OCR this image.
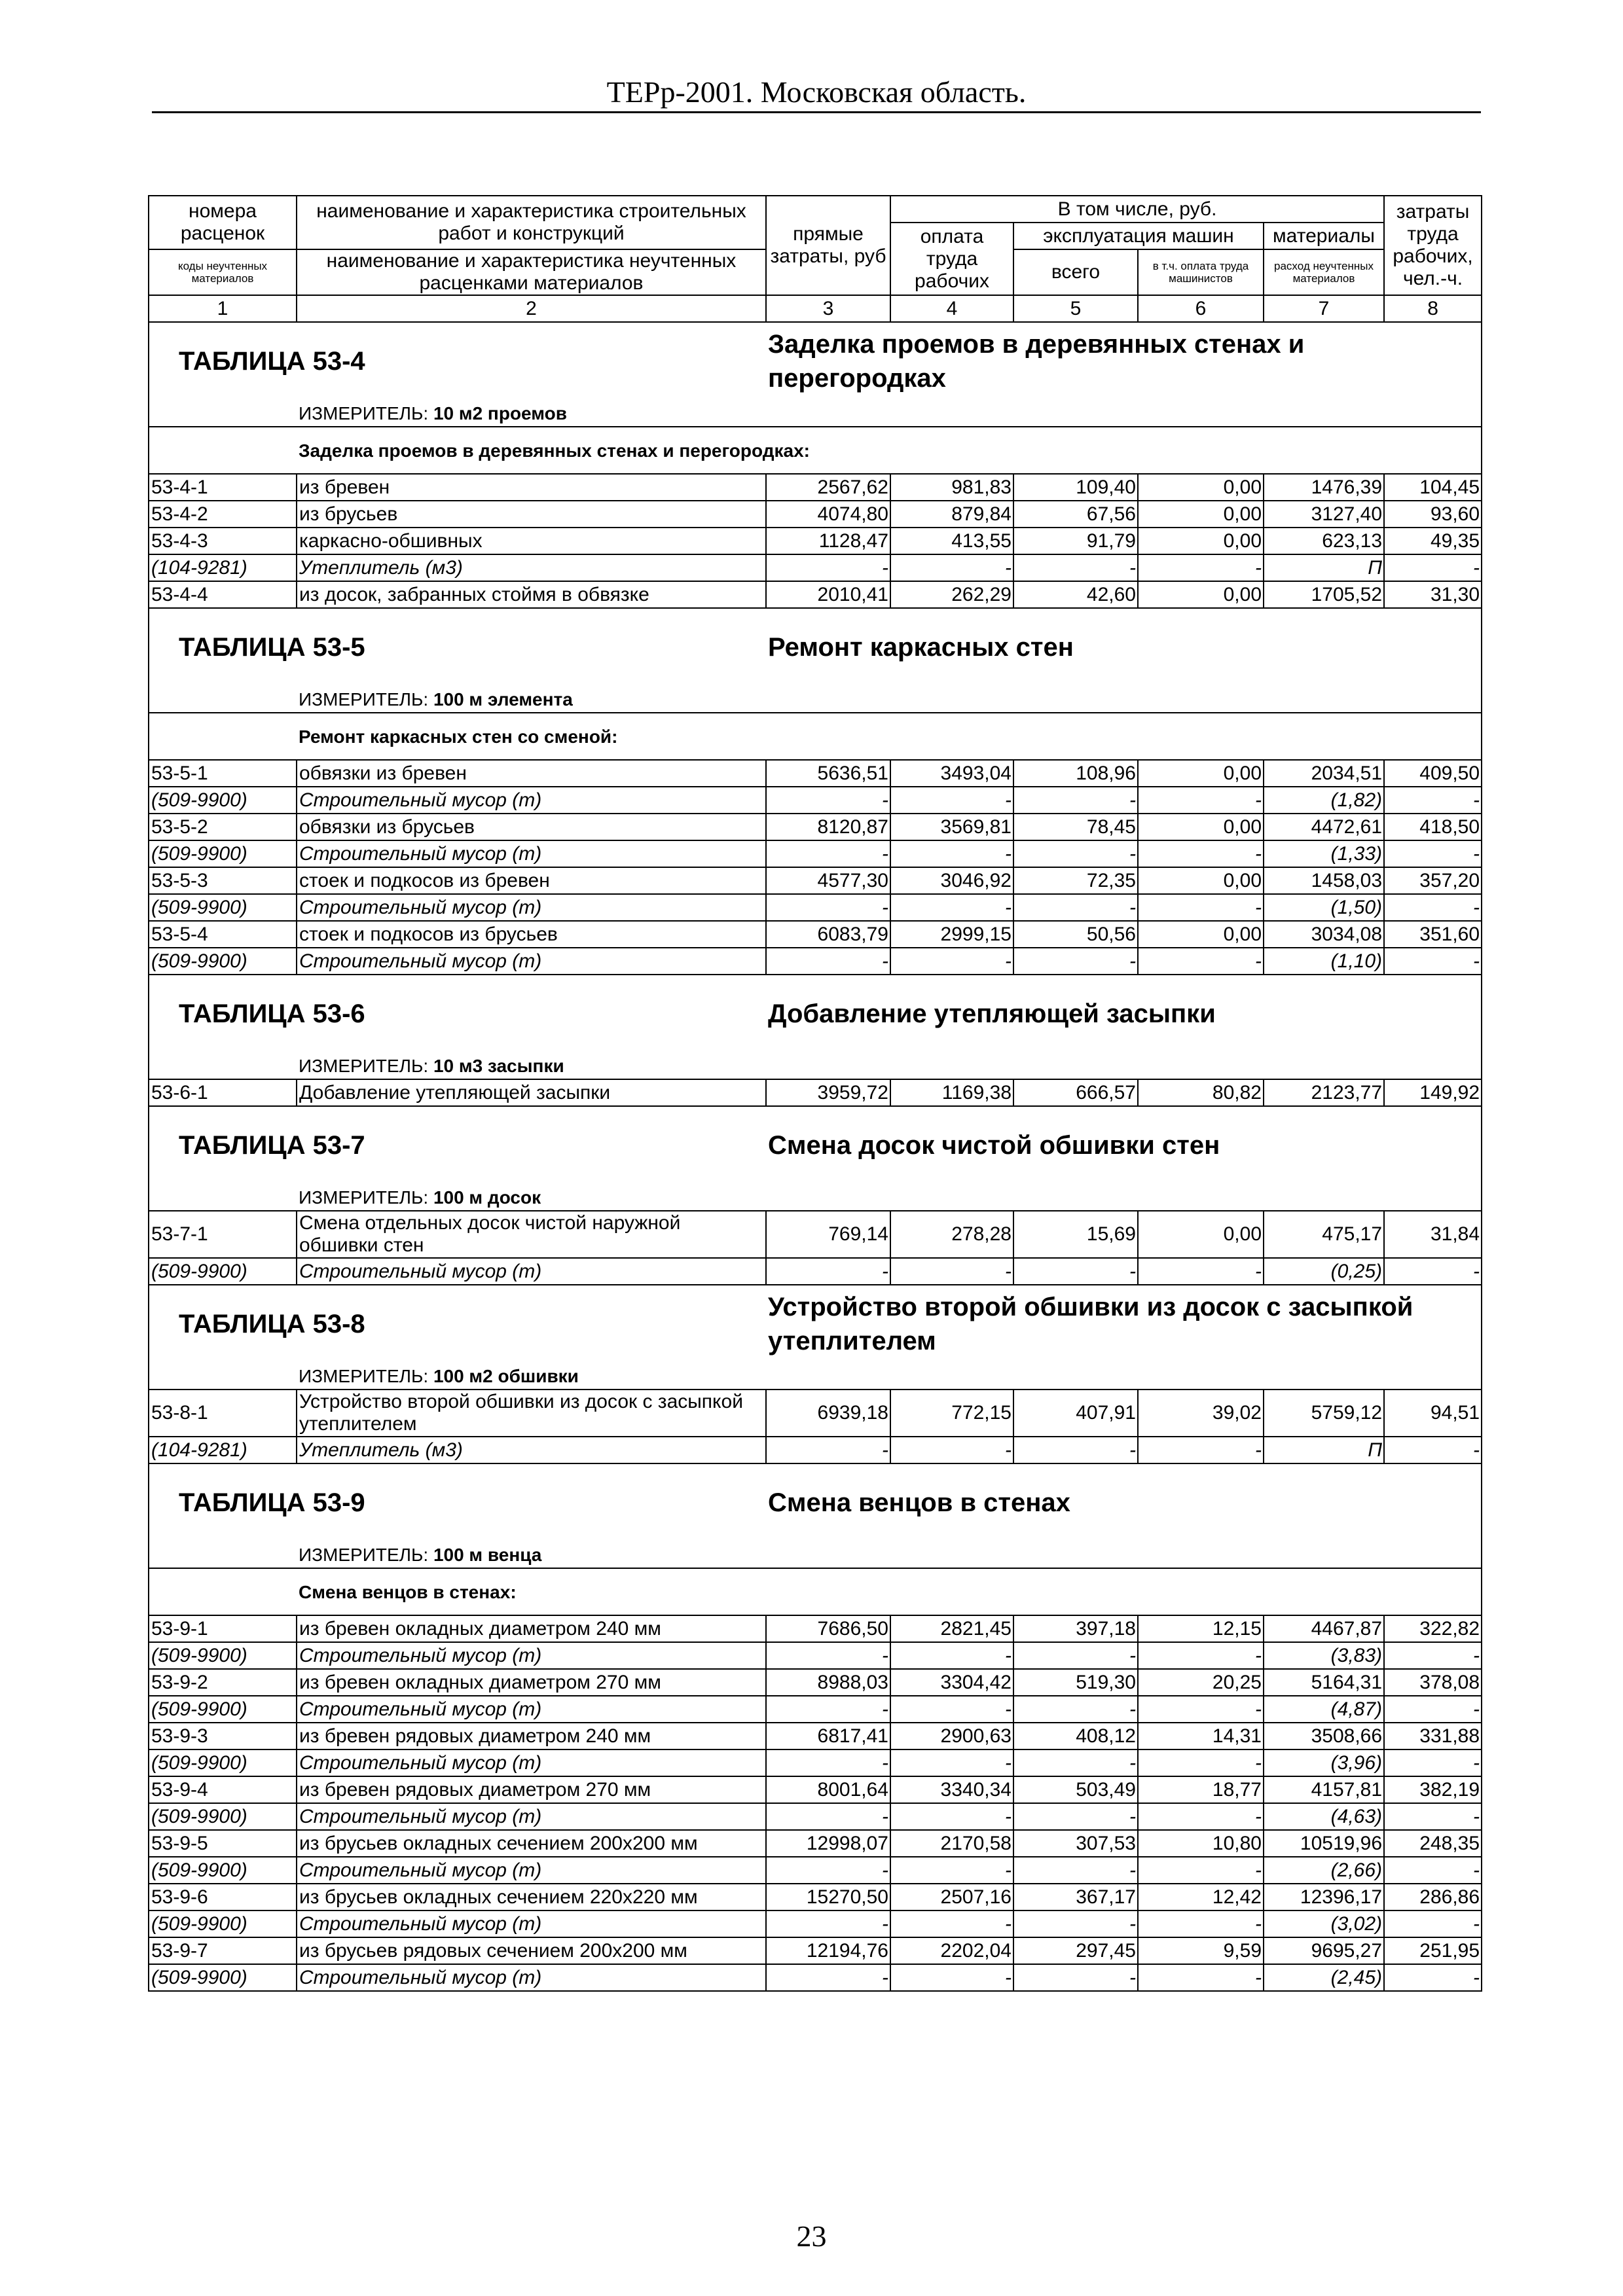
ТЕРр-2001. Московская область.
номера расценок	наименование и характеристика строительных работ и конструкций	прямые затраты, руб	В том числе, руб.				затраты труда рабочих, чел.-ч.
			оплата труда рабочих	эксплуатация машин		материалы	
коды неучтенных материалов	наименование и характеристика неучтенных расценками материалов			всего	в т.ч. оплата труда машинистов	расход неучтенных материалов	

1	2	3	4	5	6	7	8
ТАБЛИЦА 53-4		Заделка проемов в деревянных стенах и перегородках					
	ИЗМЕРИТЕЛЬ: 10 м2 проемов						
	Заделка проемов в деревянных стенах и перегородках:						
53-4-1	из бревен	2567,62	981,83	109,40	0,00	1476,39	104,45
53-4-2	из брусьев	4074,80	879,84	67,56	0,00	3127,40	93,60
53-4-3	каркасно-обшивных	1128,47	413,55	91,79	0,00	623,13	49,35
(104-9281)	Утеплитель (м3)	-	-	-	-	П	-
53-4-4	из досок, забранных стоймя в обвязке	2010,41	262,29	42,60	0,00	1705,52	31,30
ТАБЛИЦА 53-5		Ремонт каркасных стен					
	ИЗМЕРИТЕЛЬ: 100 м элемента						
	Ремонт каркасных стен со сменой:						
53-5-1	обвязки из бревен	5636,51	3493,04	108,96	0,00	2034,51	409,50
(509-9900)	Строительный мусор (т)	-	-	-	-	(1,82)	-
53-5-2	обвязки из брусьев	8120,87	3569,81	78,45	0,00	4472,61	418,50
(509-9900)	Строительный мусор (т)	-	-	-	-	(1,33)	-
53-5-3	стоек и подкосов из бревен	4577,30	3046,92	72,35	0,00	1458,03	357,20
(509-9900)	Строительный мусор (т)	-	-	-	-	(1,50)	-
53-5-4	стоек и подкосов из брусьев	6083,79	2999,15	50,56	0,00	3034,08	351,60
(509-9900)	Строительный мусор (т)	-	-	-	-	(1,10)	-
ТАБЛИЦА 53-6		Добавление утепляющей засыпки					
	ИЗМЕРИТЕЛЬ: 10 м3 засыпки						
53-6-1	Добавление утепляющей засыпки	3959,72	1169,38	666,57	80,82	2123,77	149,92
ТАБЛИЦА 53-7		Смена досок чистой обшивки стен					
	ИЗМЕРИТЕЛЬ: 100 м досок						
53-7-1	Смена отдельных досок чистой наружной обшивки стен	769,14	278,28	15,69	0,00	475,17	31,84
(509-9900)	Строительный мусор (т)	-	-	-	-	(0,25)	-
ТАБЛИЦА 53-8		Устройство второй обшивки из досок с засыпкой утеплителем					
	ИЗМЕРИТЕЛЬ: 100 м2 обшивки						
53-8-1	Устройство второй обшивки из досок с засыпкой утеплителем	6939,18	772,15	407,91	39,02	5759,12	94,51
(104-9281)	Утеплитель (м3)	-	-	-	-	П	-
ТАБЛИЦА 53-9		Смена венцов в стенах					
	ИЗМЕРИТЕЛЬ: 100 м венца						
	Смена венцов в стенах:						
53-9-1	из бревен окладных диаметром 240 мм	7686,50	2821,45	397,18	12,15	4467,87	322,82
(509-9900)	Строительный мусор (т)	-	-	-	-	(3,83)	-
53-9-2	из бревен окладных диаметром 270 мм	8988,03	3304,42	519,30	20,25	5164,31	378,08
(509-9900)	Строительный мусор (т)	-	-	-	-	(4,87)	-
53-9-3	из бревен рядовых диаметром 240 мм	6817,41	2900,63	408,12	14,31	3508,66	331,88
(509-9900)	Строительный мусор (т)	-	-	-	-	(3,96)	-
53-9-4	из бревен рядовых диаметром 270 мм	8001,64	3340,34	503,49	18,77	4157,81	382,19
(509-9900)	Строительный мусор (т)	-	-	-	-	(4,63)	-
53-9-5	из брусьев окладных сечением 200х200 мм	12998,07	2170,58	307,53	10,80	10519,96	248,35
(509-9900)	Строительный мусор (т)	-	-	-	-	(2,66)	-
53-9-6	из брусьев окладных сечением 220х220 мм	15270,50	2507,16	367,17	12,42	12396,17	286,86
(509-9900)	Строительный мусор (т)	-	-	-	-	(3,02)	-
53-9-7	из брусьев рядовых сечением 200х200 мм	12194,76	2202,04	297,45	9,59	9695,27	251,95
(509-9900)	Строительный мусор (т)	-	-	-	-	(2,45)	-
23
